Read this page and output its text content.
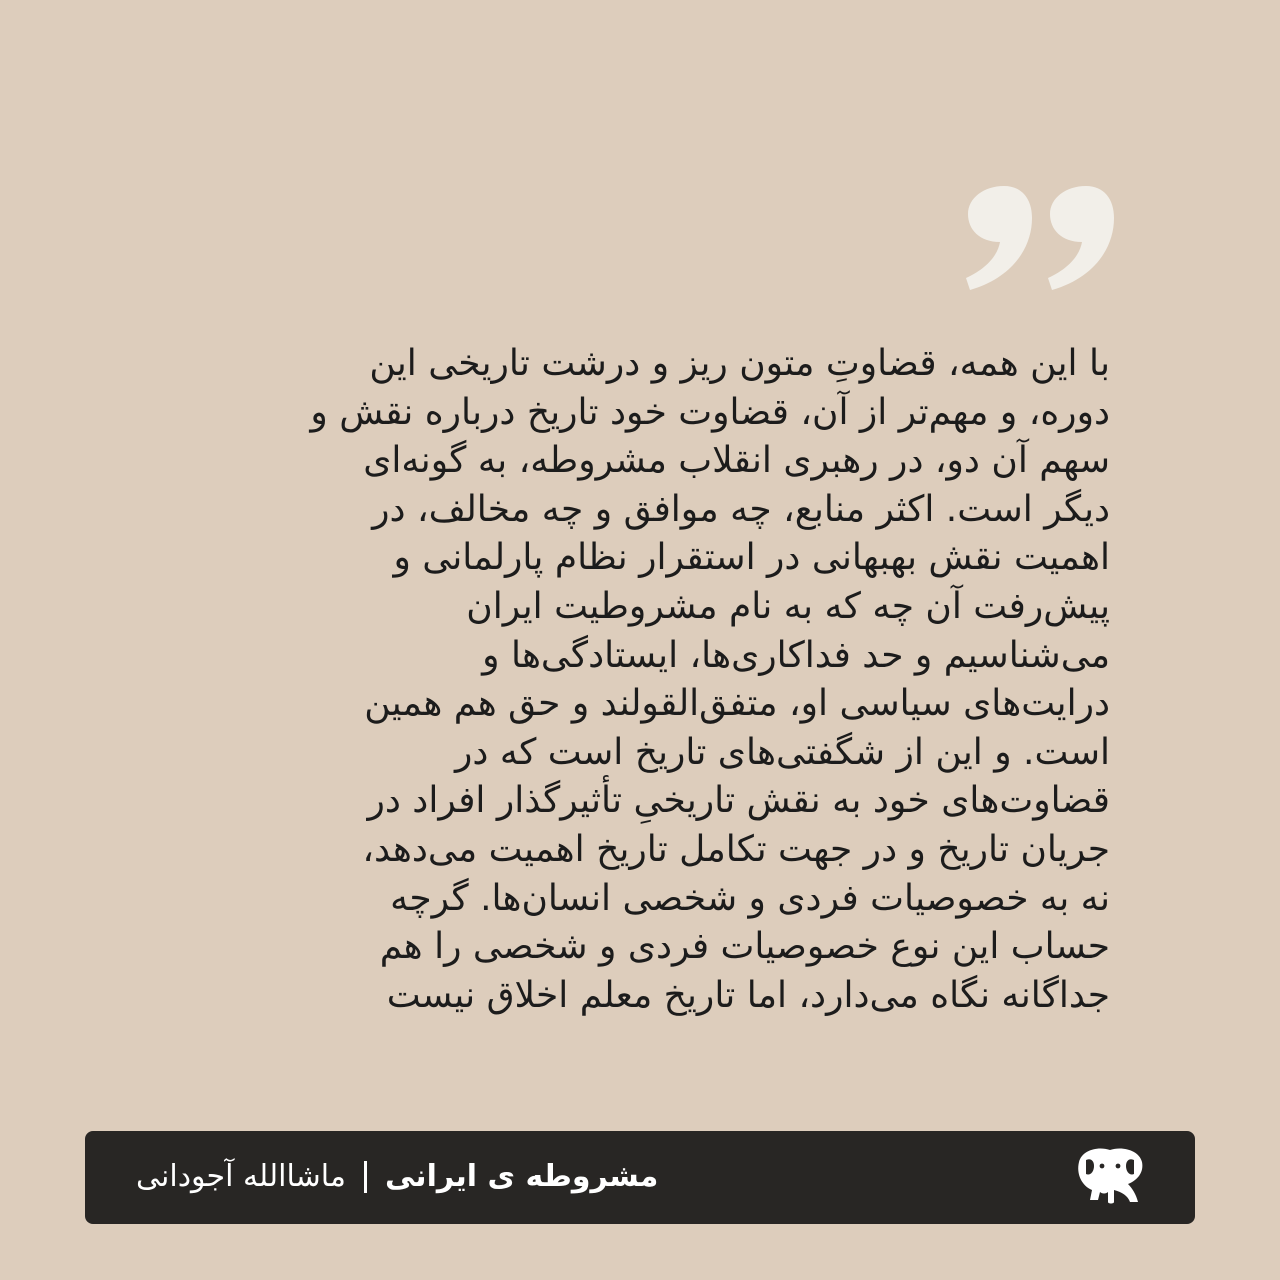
با این همه، قضاوتِ متون ریز و درشت تاریخی این
دوره، و مهم‌تر از آن، قضاوت خود تاریخ درباره نقش و
سهم آن دو، در رهبری انقلاب مشروطه، به گونه‌ای
دیگر است. اکثر منابع، چه موافق و چه مخالف، در
اهمیت نقش بهبهانی در استقرار نظام پارلمانی و
پیش‌رفت آن چه که به نام مشروطیت ایران
می‌شناسیم و حد فداکاری‌ها، ایستادگی‌ها و
درایت‌های سیاسی او، متفق‌القولند و حق هم همین
است. و این از شگفتی‌های تاریخ است که در
قضاوت‌های خود به نقش تاریخیِ تأثیرگذار افراد در
جریان تاریخ و در جهت تکامل تاریخ اهمیت می‌دهد،
نه به خصوصیات فردی و شخصی انسان‌ها. گرچه
حساب این نوع خصوصیات فردی و شخصی را هم
جداگانه نگاه می‌دارد، اما تاریخ معلم اخلاق نیست
مشروطه ی ایرانی
ماشاالله آجودانی
